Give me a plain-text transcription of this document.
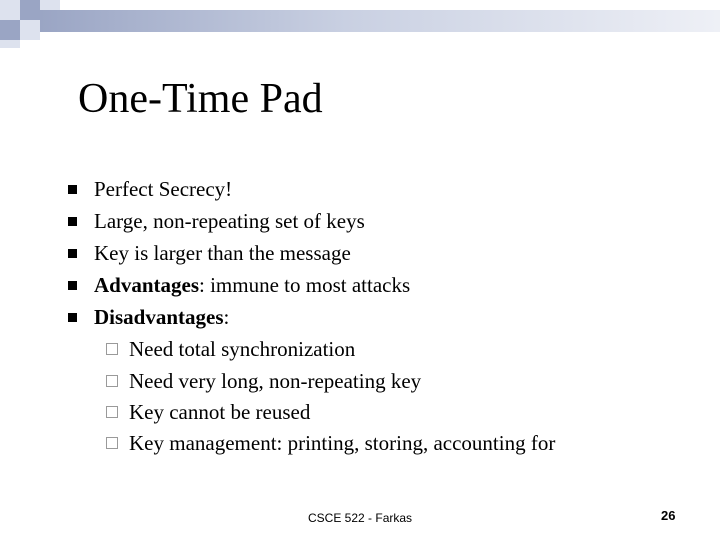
One-Time Pad
Perfect Secrecy!
Large, non-repeating set of keys
Key is larger than the message
Advantages: immune to most attacks
Disadvantages:
Need total synchronization
Need very long, non-repeating key
Key cannot be reused
Key management: printing, storing, accounting for
CSCE 522 - Farkas	26
